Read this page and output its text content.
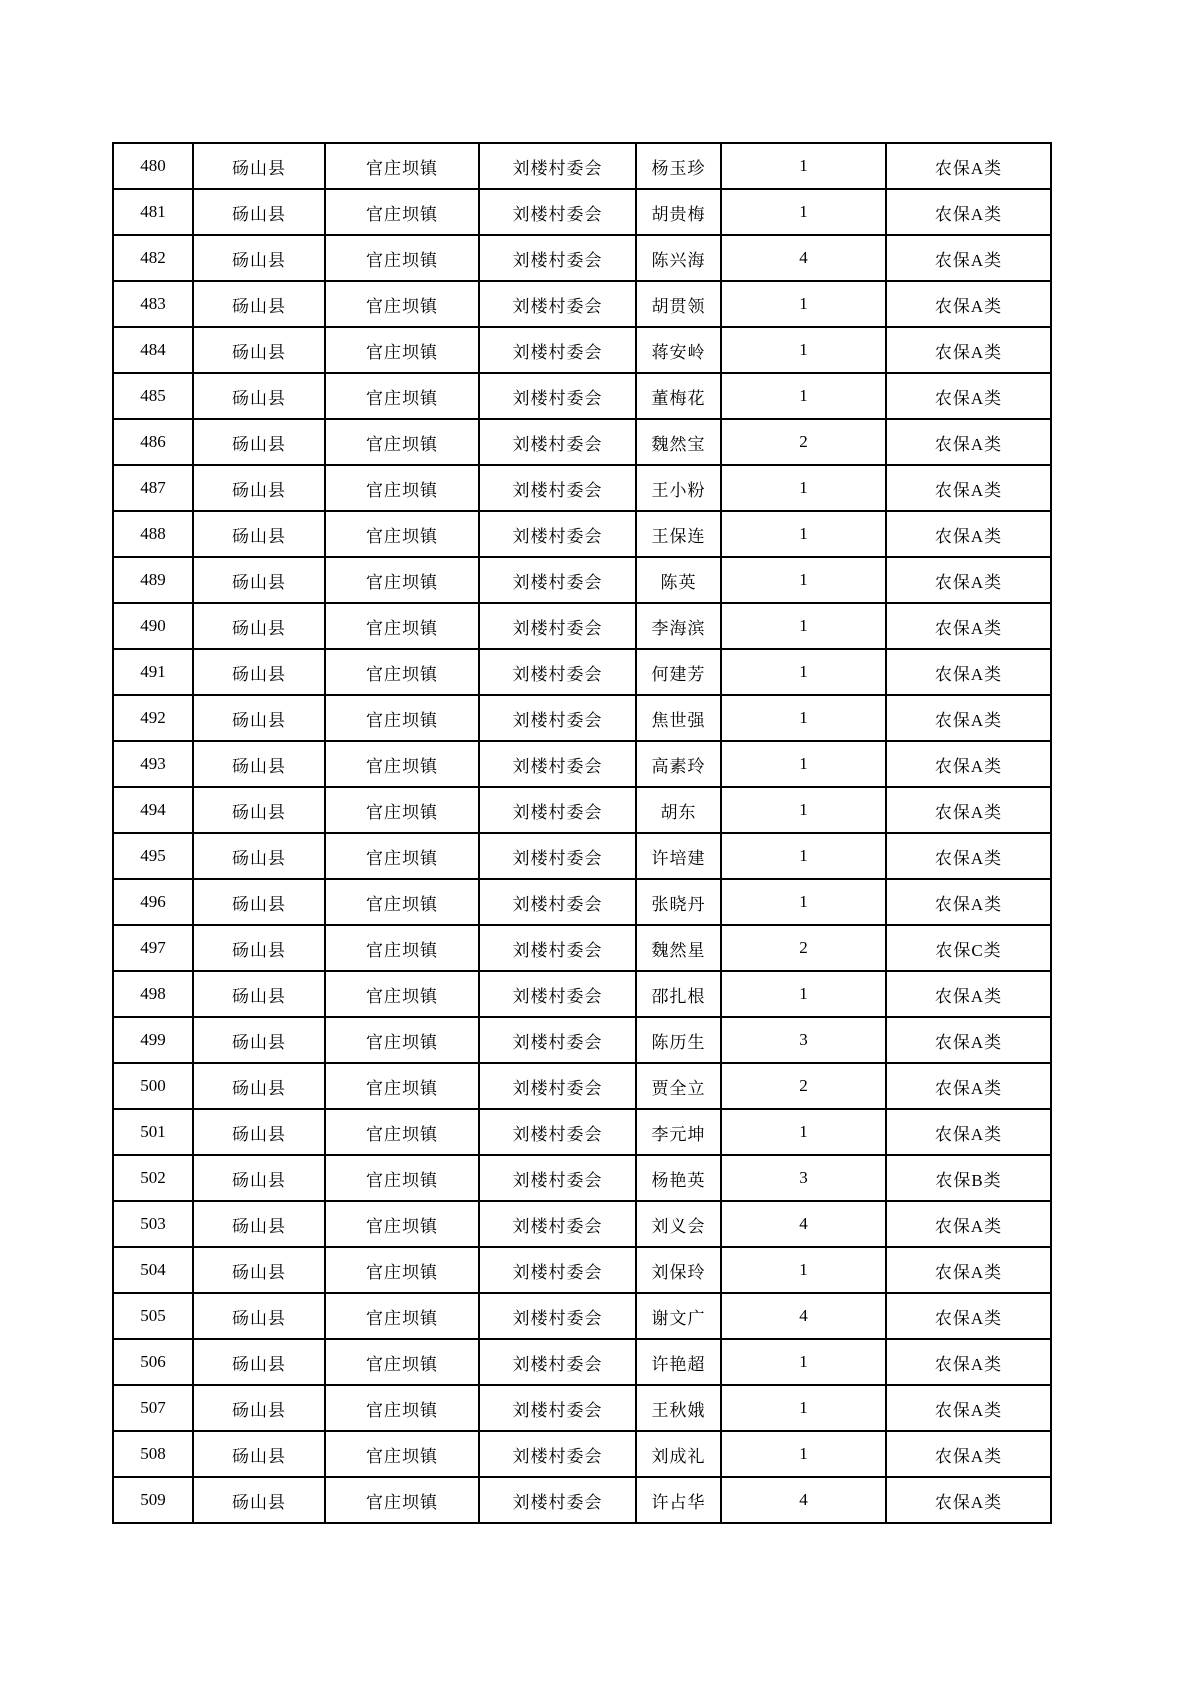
480	砀山县	官庄坝镇	刘楼村委会	杨玉珍	1	农保A类
481	砀山县	官庄坝镇	刘楼村委会	胡贵梅	1	农保A类
482	砀山县	官庄坝镇	刘楼村委会	陈兴海	4	农保A类
483	砀山县	官庄坝镇	刘楼村委会	胡贯领	1	农保A类
484	砀山县	官庄坝镇	刘楼村委会	蒋安岭	1	农保A类
485	砀山县	官庄坝镇	刘楼村委会	董梅花	1	农保A类
486	砀山县	官庄坝镇	刘楼村委会	魏然宝	2	农保A类
487	砀山县	官庄坝镇	刘楼村委会	王小粉	1	农保A类
488	砀山县	官庄坝镇	刘楼村委会	王保连	1	农保A类
489	砀山县	官庄坝镇	刘楼村委会	陈英	1	农保A类
490	砀山县	官庄坝镇	刘楼村委会	李海滨	1	农保A类
491	砀山县	官庄坝镇	刘楼村委会	何建芳	1	农保A类
492	砀山县	官庄坝镇	刘楼村委会	焦世强	1	农保A类
493	砀山县	官庄坝镇	刘楼村委会	高素玲	1	农保A类
494	砀山县	官庄坝镇	刘楼村委会	胡东	1	农保A类
495	砀山县	官庄坝镇	刘楼村委会	许培建	1	农保A类
496	砀山县	官庄坝镇	刘楼村委会	张晓丹	1	农保A类
497	砀山县	官庄坝镇	刘楼村委会	魏然星	2	农保C类
498	砀山县	官庄坝镇	刘楼村委会	邵扎根	1	农保A类
499	砀山县	官庄坝镇	刘楼村委会	陈历生	3	农保A类
500	砀山县	官庄坝镇	刘楼村委会	贾全立	2	农保A类
501	砀山县	官庄坝镇	刘楼村委会	李元坤	1	农保A类
502	砀山县	官庄坝镇	刘楼村委会	杨艳英	3	农保B类
503	砀山县	官庄坝镇	刘楼村委会	刘义会	4	农保A类
504	砀山县	官庄坝镇	刘楼村委会	刘保玲	1	农保A类
505	砀山县	官庄坝镇	刘楼村委会	谢文广	4	农保A类
506	砀山县	官庄坝镇	刘楼村委会	许艳超	1	农保A类
507	砀山县	官庄坝镇	刘楼村委会	王秋娥	1	农保A类
508	砀山县	官庄坝镇	刘楼村委会	刘成礼	1	农保A类
509	砀山县	官庄坝镇	刘楼村委会	许占华	4	农保A类
